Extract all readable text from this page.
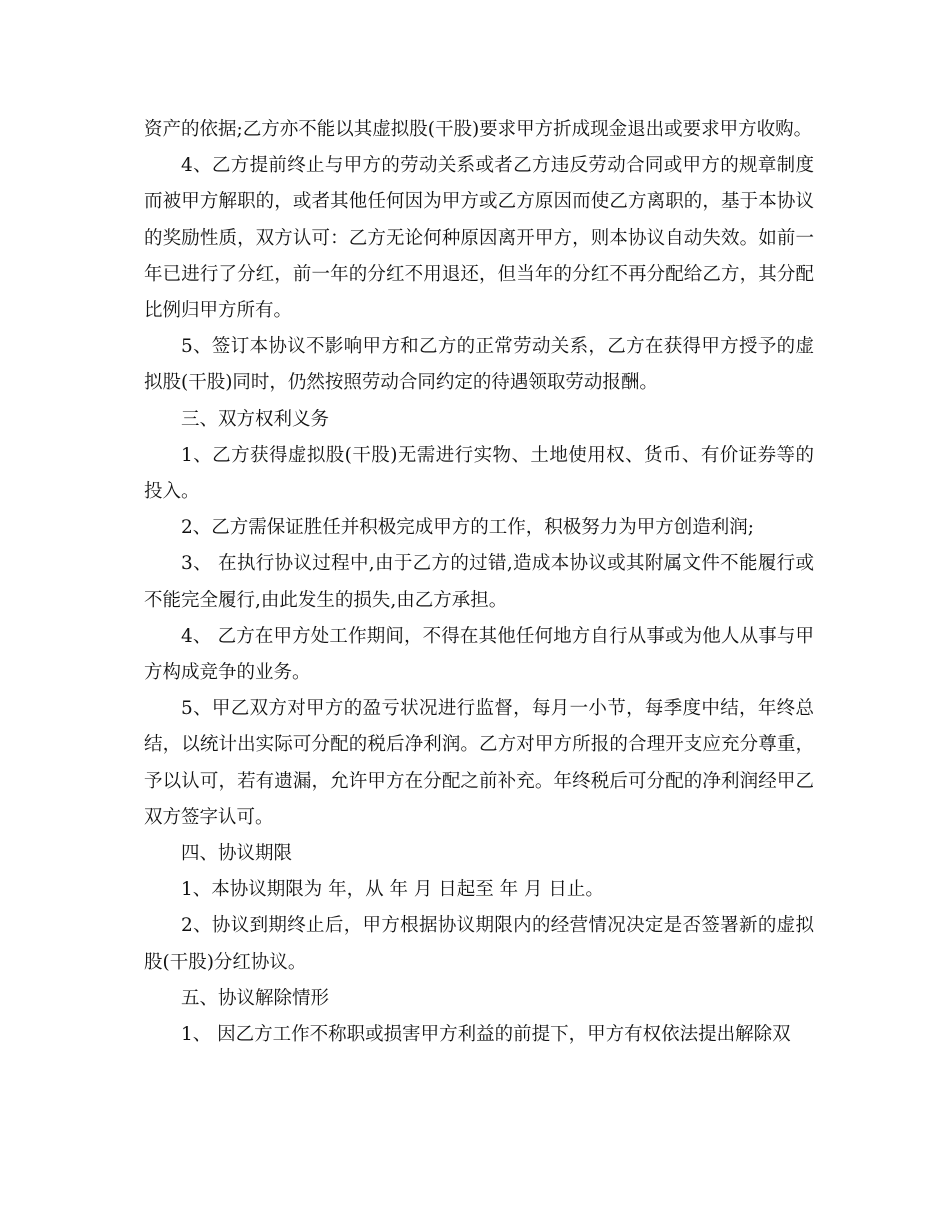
资产的依据;乙方亦不能以其虚拟股(干股)要求甲方折成现金退出或要求甲方收购。

4、乙方提前终止与甲方的劳动关系或者乙方违反劳动合同或甲方的规章制度而被甲方解职的，或者其他任何因为甲方或乙方原因而使乙方离职的，基于本协议的奖励性质，双方认可：乙方无论何种原因离开甲方，则本协议自动失效。如前一年已进行了分红，前一年的分红不用退还，但当年的分红不再分配给乙方，其分配比例归甲方所有。

5、签订本协议不影响甲方和乙方的正常劳动关系，乙方在获得甲方授予的虚拟股(干股)同时，仍然按照劳动合同约定的待遇领取劳动报酬。

三、双方权利义务

1、乙方获得虚拟股(干股)无需进行实物、土地使用权、货币、有价证券等的投入。

2、乙方需保证胜任并积极完成甲方的工作，积极努力为甲方创造利润;

3、 在执行协议过程中,由于乙方的过错,造成本协议或其附属文件不能履行或不能完全履行,由此发生的损失,由乙方承担。

4、 乙方在甲方处工作期间，不得在其他任何地方自行从事或为他人从事与甲方构成竞争的业务。

5、甲乙双方对甲方的盈亏状况进行监督，每月一小节，每季度中结，年终总结，以统计出实际可分配的税后净利润。乙方对甲方所报的合理开支应充分尊重，予以认可，若有遗漏，允许甲方在分配之前补充。年终税后可分配的净利润经甲乙双方签字认可。

四、协议期限

1、本协议期限为 年，从 年 月 日起至 年 月 日止。

2、协议到期终止后，甲方根据协议期限内的经营情况决定是否签署新的虚拟股(干股)分红协议。

五、协议解除情形

1、 因乙方工作不称职或损害甲方利益的前提下，甲方有权依法提出解除双
